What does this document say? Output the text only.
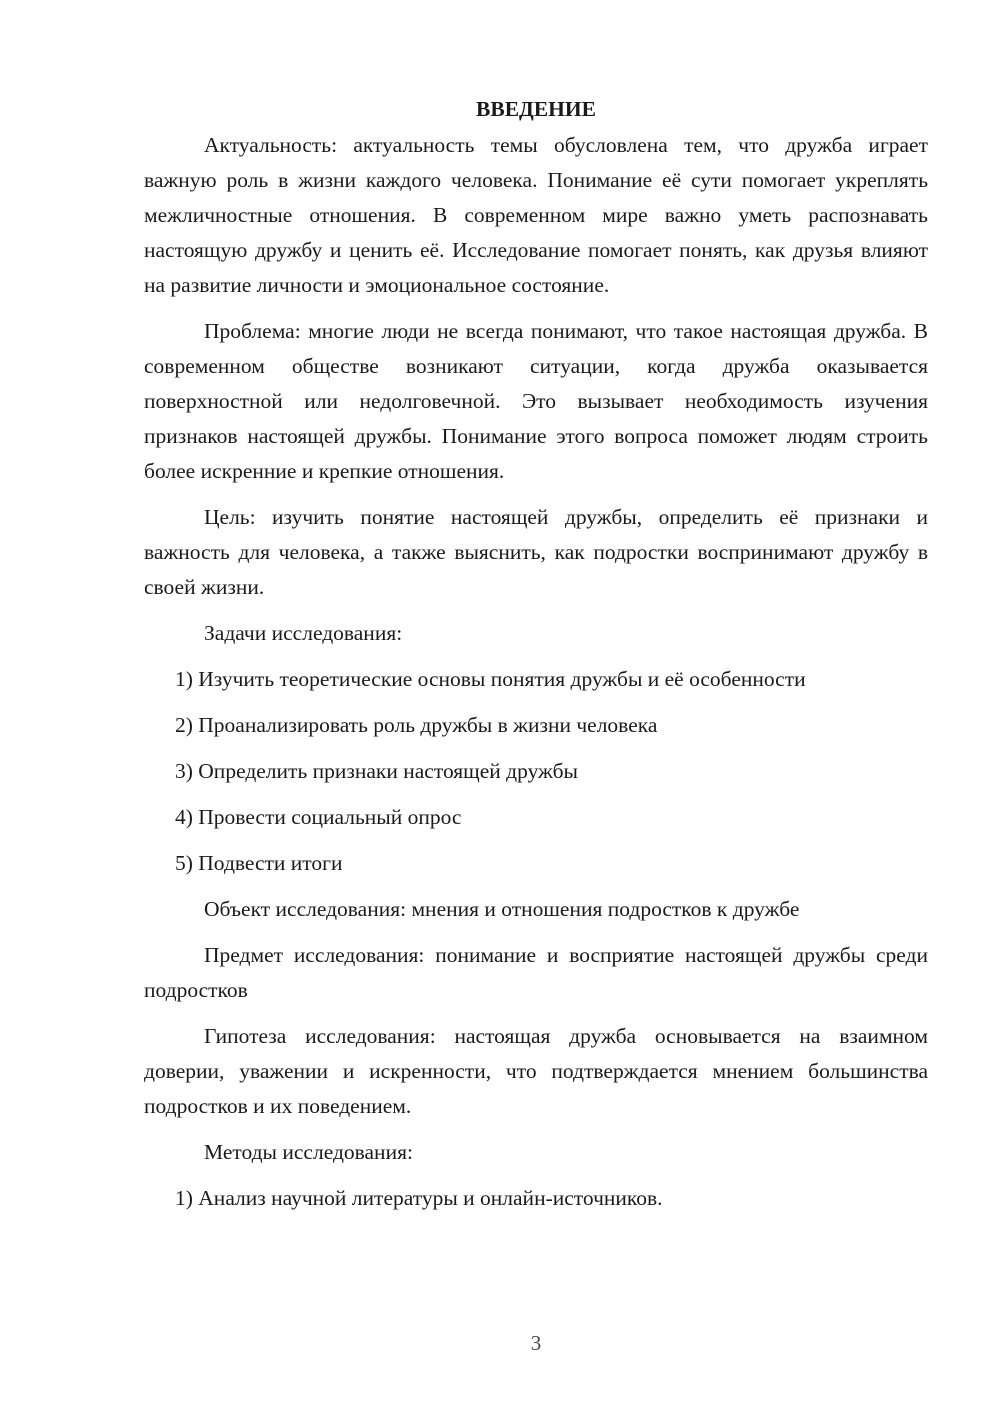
ВВЕДЕНИЕ

Актуальность: актуальность темы обусловлена тем, что дружба играет важную роль в жизни каждого человека. Понимание её сути помогает укреплять межличностные отношения. В современном мире важно уметь распознавать настоящую дружбу и ценить её. Исследование помогает понять, как друзья влияют на развитие личности и эмоциональное состояние.

Проблема: многие люди не всегда понимают, что такое настоящая дружба. В современном обществе возникают ситуации, когда дружба оказывается поверхностной или недолговечной. Это вызывает необходимость изучения признаков настоящей дружбы. Понимание этого вопроса поможет людям строить более искренние и крепкие отношения.

Цель: изучить понятие настоящей дружбы, определить её признаки и важность для человека, а также выяснить, как подростки воспринимают дружбу в своей жизни.

Задачи исследования:

1) Изучить теоретические основы понятия дружбы и её особенности

2) Проанализировать роль дружбы в жизни человека

3) Определить признаки настоящей дружбы

4) Провести социальный опрос

5) Подвести итоги

Объект исследования: мнения и отношения подростков к дружбе

Предмет исследования: понимание и восприятие настоящей дружбы среди подростков

Гипотеза исследования: настоящая дружба основывается на взаимном доверии, уважении и искренности, что подтверждается мнением большинства подростков и их поведением.

Методы исследования:

1) Анализ научной литературы и онлайн-источников.

3
